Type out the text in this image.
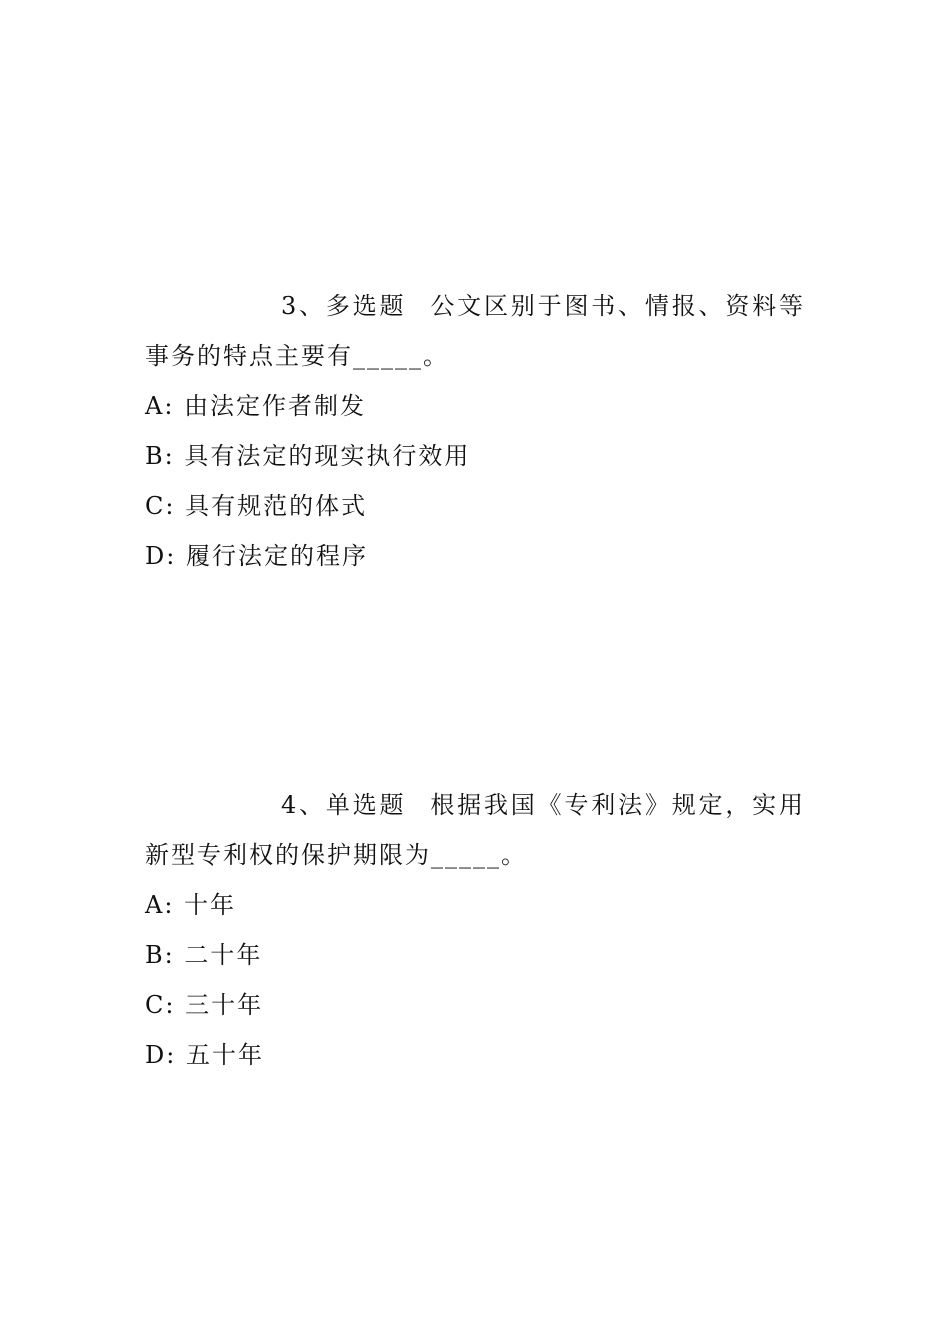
3、多选题 公文区别于图书、情报、资料等事务的特点主要有_____。

A: 由法定作者制发
B: 具有法定的现实执行效用
C: 具有规范的体式
D: 履行法定的程序

4、单选题 根据我国《专利法》规定，实用新型专利权的保护期限为_____。

A: 十年
B: 二十年
C: 三十年
D: 五十年
